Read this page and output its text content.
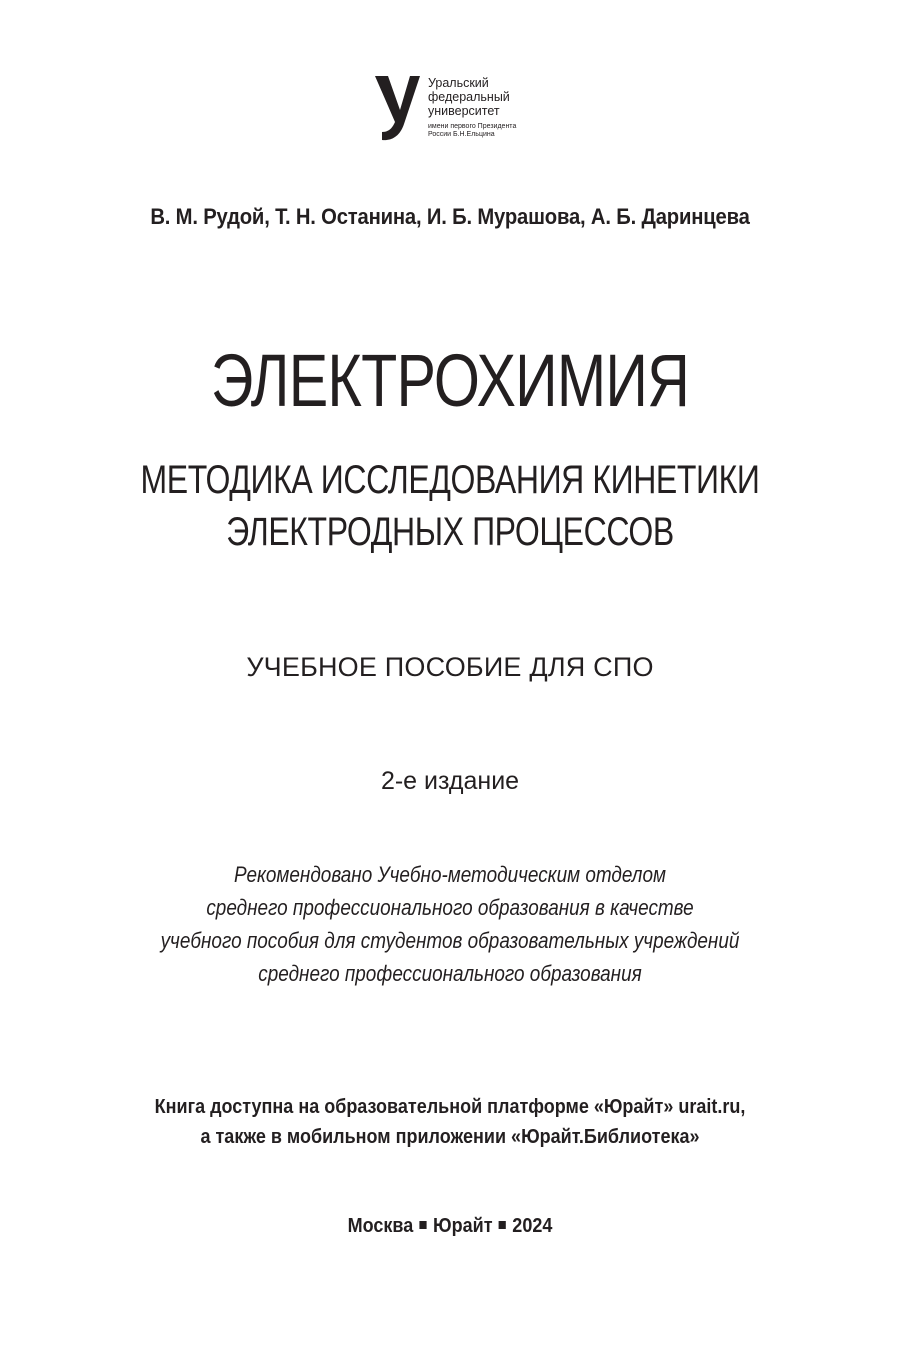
Уральский
федеральный
университет
имени первого Президента
России Б.Н.Ельцина
В. М. Рудой, Т. Н. Останина, И. Б. Мурашова, А. Б. Даринцева
ЭЛЕКТРОХИМИЯ
МЕТОДИКА ИССЛЕДОВАНИЯ КИНЕТИКИ
ЭЛЕКТРОДНЫХ ПРОЦЕССОВ
УЧЕБНОЕ ПОСОБИЕ ДЛЯ СПО
2-е издание
Рекомендовано Учебно-методическим отделом
среднего профессионального образования в качестве
учебного пособия для студентов образовательных учреждений
среднего профессионального образования
Книга доступна на образовательной платформе «Юрайт» urait.ru,
а также в мобильном приложении «Юрайт.Библиотека»
Москва Юрайт 2024
